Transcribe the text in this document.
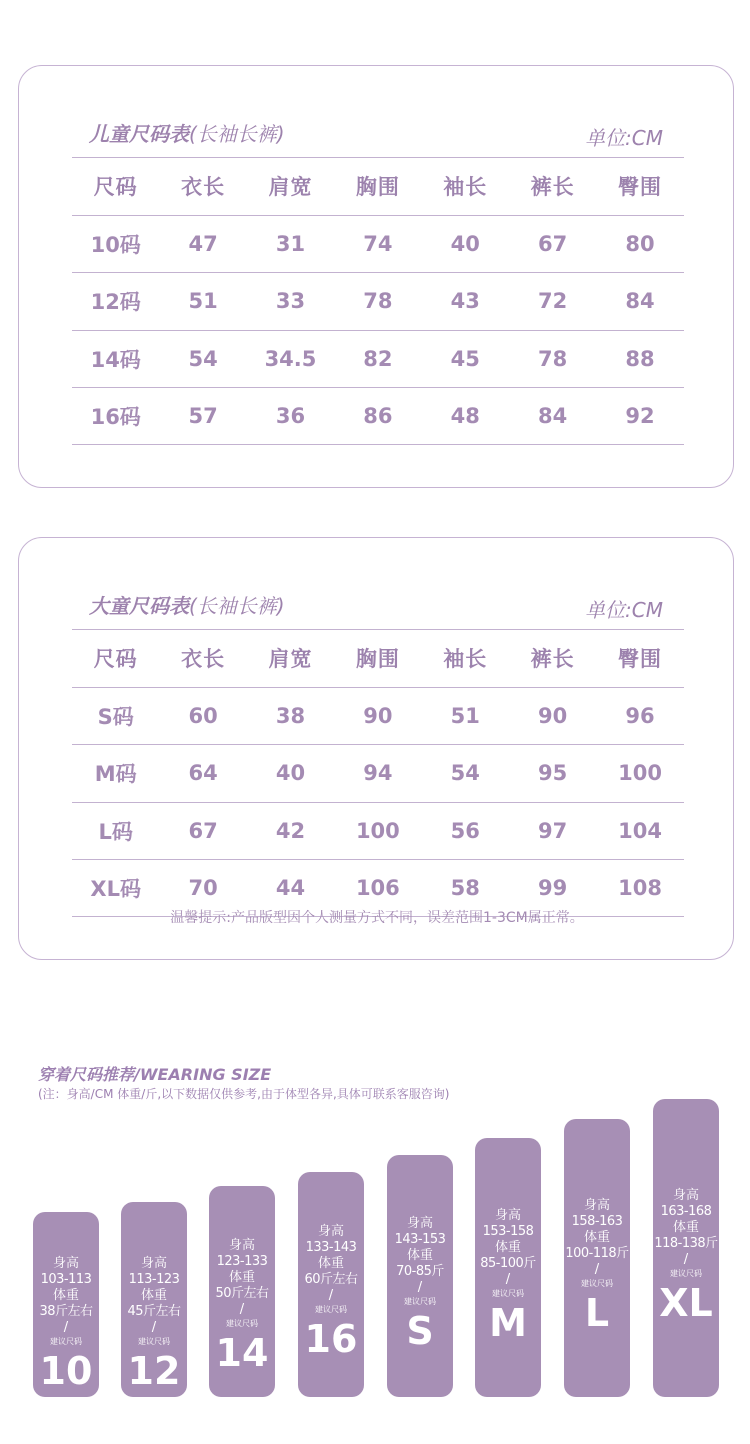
儿童尺码表(长袖长裤)	单位:CM
尺码	衣长	肩宽	胸围	袖长	裤长	臀围
10码	47	31	74	40	67	80
12码	51	33	78	43	72	84
14码	54	34.5	82	45	78	88
16码	57	36	86	48	84	92
大童尺码表(长袖长裤)	单位:CM
尺码	衣长	肩宽	胸围	袖长	裤长	臀围
S码	60	38	90	51	90	96
M码	64	40	94	54	95	100
L码	67	42	100	56	97	104
XL码	70	44	106	58	99	108
温馨提示:产品版型因个人测量方式不同，误差范围1-3CM属正常。
穿着尺码推荐/WEARING SIZE
(注：身高/CM 体重/斤,以下数据仅供参考,由于体型各异,具体可联系客服咨询)
身高
103-113
体重
38斤左右
/
建议尺码
10
身高
113-123
体重
45斤左右
/
建议尺码
12
身高
123-133
体重
50斤左右
/
建议尺码
14
身高
133-143
体重
60斤左右
/
建议尺码
16
身高
143-153
体重
70-85斤
/
建议尺码
S
身高
153-158
体重
85-100斤
/
建议尺码
M
身高
158-163
体重
100-118斤
/
建议尺码
L
身高
163-168
体重
118-138斤
/
建议尺码
XL
